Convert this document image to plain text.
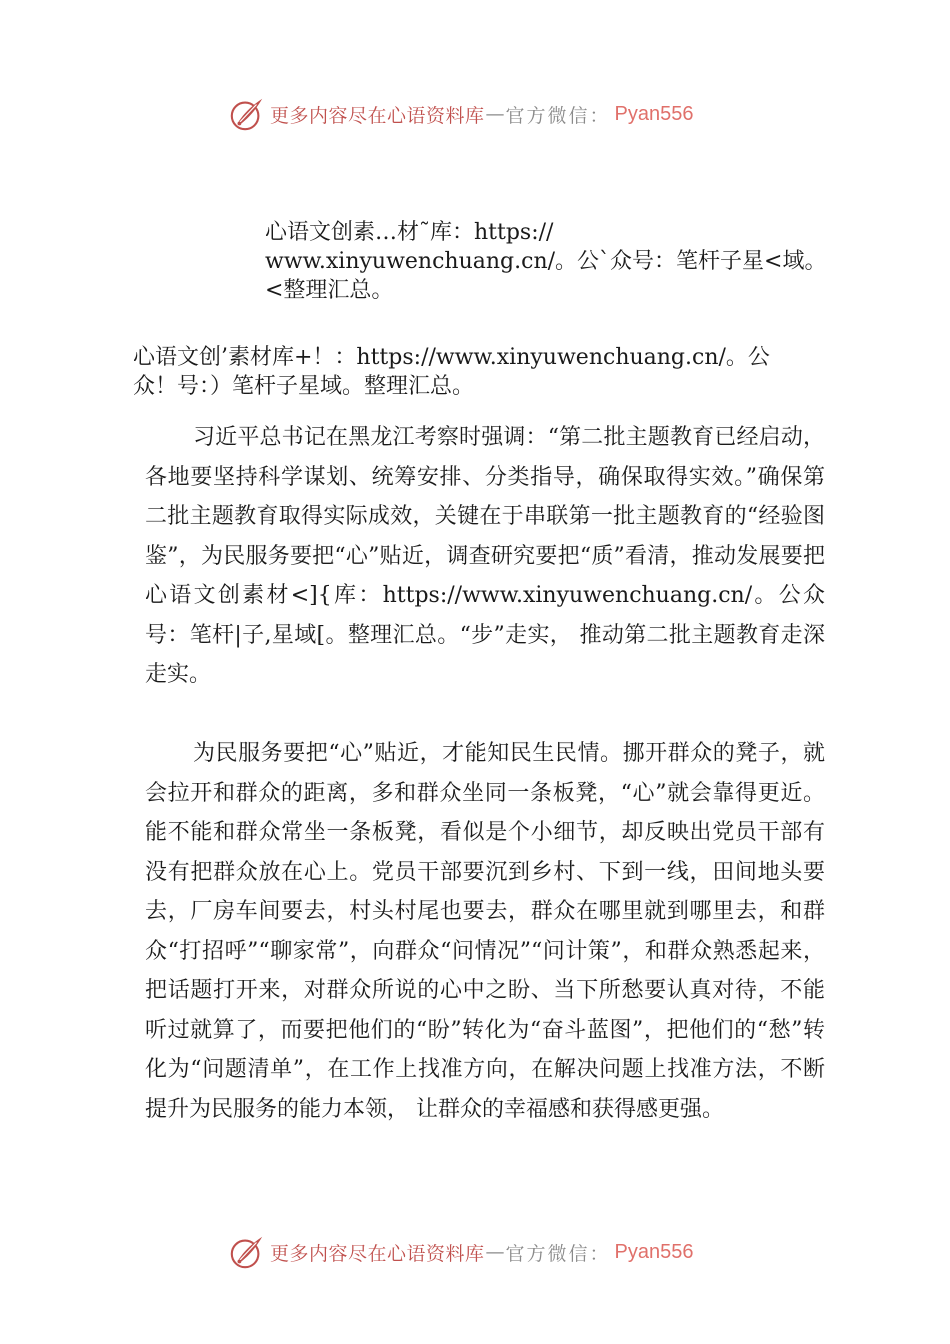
更多内容尽在心语资料库 — 官方微信： Pyan556
心语文创素…材˜库：https://
www.xinyuwenchuang.cn/。公`众号：笔杆子星<域。
<整理汇总。
心语文创’素材库+！：https://www.xinyuwenchuang.cn/。公
众！号：）笔杆子星域。整理汇总。

习近平总书记在黑龙江考察时强调：“第二批主题教育已经启动，各地要坚持科学谋划、统筹安排、分类指导，确保取得实效。”确保第二批主题教育取得实际成效，关键在于串联第一批主题教育的“经验图鉴”，为民服务要把“心”贴近，调查研究要把“质”看清，推动发展要把心语文创素材<]{库：https://www.xinyuwenchuang.cn/。公众号：笔杆|子,星域[。整理汇总。“步”走实， 推动第二批主题教育走深走实。

为民服务要把“心”贴近，才能知民生民情。挪开群众的凳子，就会拉开和群众的距离，多和群众坐同一条板凳，“心”就会靠得更近。能不能和群众常坐一条板凳，看似是个小细节，却反映出党员干部有没有把群众放在心上。党员干部要沉到乡村、下到一线，田间地头要去，厂房车间要去，村头村尾也要去，群众在哪里就到哪里去，和群众“打招呼”“聊家常”，向群众“问情况”“问计策”，和群众熟悉起来，把话题打开来，对群众所说的心中之盼、当下所愁要认真对待，不能听过就算了，而要把他们的“盼”转化为“奋斗蓝图”，把他们的“愁”转化为“问题清单”，在工作上找准方向，在解决问题上找准方法，不断提升为民服务的能力本领， 让群众的幸福感和获得感更强。

更多内容尽在心语资料库 — 官方微信： Pyan556
